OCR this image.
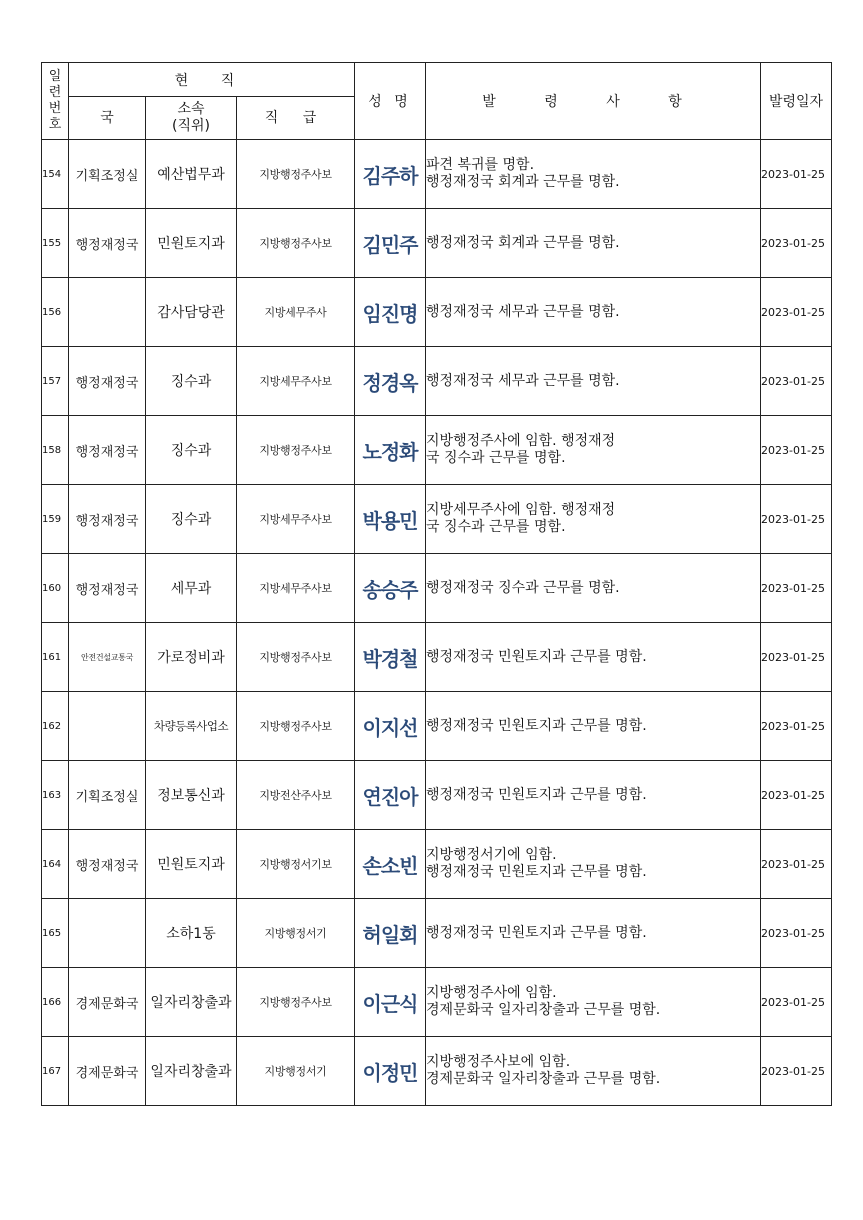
일
련
번
호	현 직			성 명	발 령 사 항	발령일자
	국	소속
(직위)	직 급			
154	기획조정실	예산법무과	지방행정주사보	김주하	파견 복귀를 명함.
행정재정국 회계과 근무를 명함.	2023-01-25
155	행정재정국	민원토지과	지방행정주사보	김민주	행정재정국 회계과 근무를 명함.	2023-01-25
156		감사담당관	지방세무주사	임진명	행정재정국 세무과 근무를 명함.	2023-01-25
157	행정재정국	징수과	지방세무주사보	정경옥	행정재정국 세무과 근무를 명함.	2023-01-25
158	행정재정국	징수과	지방행정주사보	노정화	지방행정주사에 임함. 행정재정
국 징수과 근무를 명함.	2023-01-25
159	행정재정국	징수과	지방세무주사보	박용민	지방세무주사에 임함. 행정재정
국 징수과 근무를 명함.	2023-01-25
160	행정재정국	세무과	지방세무주사보	송승주	행정재정국 징수과 근무를 명함.	2023-01-25
161	안전건설교통국	가로정비과	지방행정주사보	박경철	행정재정국 민원토지과 근무를 명함.	2023-01-25
162		차량등록사업소	지방행정주사보	이지선	행정재정국 민원토지과 근무를 명함.	2023-01-25
163	기획조정실	정보통신과	지방전산주사보	연진아	행정재정국 민원토지과 근무를 명함.	2023-01-25
164	행정재정국	민원토지과	지방행정서기보	손소빈	지방행정서기에 임함.
행정재정국 민원토지과 근무를 명함.	2023-01-25
165		소하1동	지방행정서기	허일회	행정재정국 민원토지과 근무를 명함.	2023-01-25
166	경제문화국	일자리창출과	지방행정주사보	이근식	지방행정주사에 임함.
경제문화국 일자리창출과 근무를 명함.	2023-01-25
167	경제문화국	일자리창출과	지방행정서기	이정민	지방행정주사보에 임함.
경제문화국 일자리창출과 근무를 명함.	2023-01-25
